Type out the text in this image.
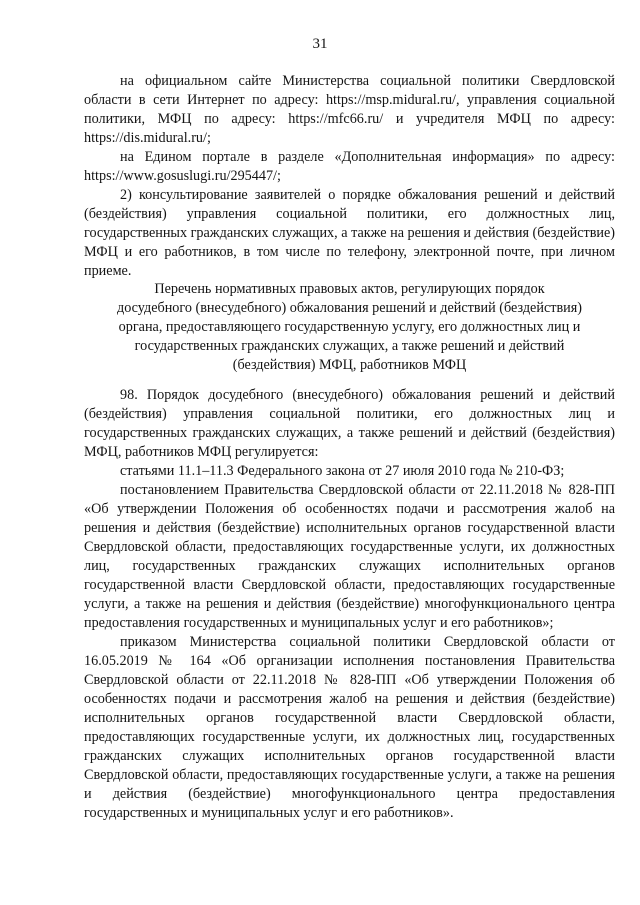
31

на официальном сайте Министерства социальной политики Свердловской области в сети Интернет по адресу: https://msp.midural.ru/, управления социальной политики, МФЦ по адресу: https://mfc66.ru/ и учредителя МФЦ по адресу: https://dis.midural.ru/;

на Едином портале в разделе «Дополнительная информация» по адресу: https://www.gosuslugi.ru/295447/;

2) консультирование заявителей о порядке обжалования решений и действий (бездействия) управления социальной политики, его должностных лиц, государственных гражданских служащих, а также на решения и действия (бездействие) МФЦ и его работников, в том числе по телефону, электронной почте, при личном приеме.

Перечень нормативных правовых актов, регулирующих порядок

досудебного (внесудебного) обжалования решений и действий (бездействия)

органа, предоставляющего государственную услугу, его должностных лиц и

государственных гражданских служащих, а также решений и действий

(бездействия) МФЦ, работников МФЦ

98. Порядок досудебного (внесудебного) обжалования решений и действий (бездействия) управления социальной политики, его должностных лиц и государственных гражданских служащих, а также решений и действий (бездействия) МФЦ, работников МФЦ регулируется:

статьями 11.1–11.3 Федерального закона от 27 июля 2010 года № 210-ФЗ;

постановлением Правительства Свердловской области от 22.11.2018 № 828-ПП «Об утверждении Положения об особенностях подачи и рассмотрения жалоб на решения и действия (бездействие) исполнительных органов государственной власти Свердловской области, предоставляющих государственные услуги, их должностных лиц, государственных гражданских служащих исполнительных органов государственной власти Свердловской области, предоставляющих государственные услуги, а также на решения и действия (бездействие) многофункционального центра предоставления государственных и муниципальных услуг и его работников»;

приказом Министерства социальной политики Свердловской области от 16.05.2019 № 164 «Об организации исполнения постановления Правительства Свердловской области от 22.11.2018 № 828-ПП «Об утверждении Положения об особенностях подачи и рассмотрения жалоб на решения и действия (бездействие) исполнительных органов государственной власти Свердловской области, предоставляющих государственные услуги, их должностных лиц, государственных гражданских служащих исполнительных органов государственной власти Свердловской области, предоставляющих государственные услуги, а также на решения и действия (бездействие) многофункционального центра предоставления государственных и муниципальных услуг и его работников».
